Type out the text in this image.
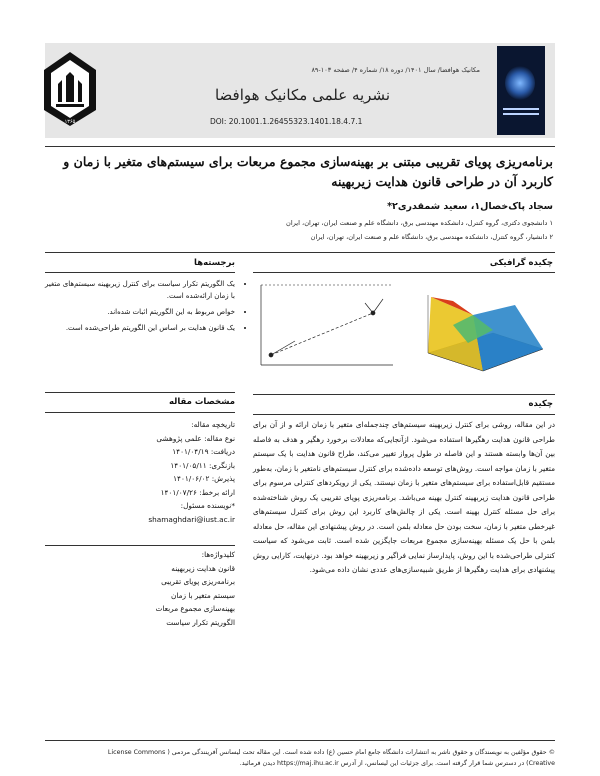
۱۳۶۵
مکانیک هوافضا/ سال ۱۴۰۱/ دوره ۱۸/ شماره ۴/ صفحه ۱۰۳-۸۹
نشریه علمی مکانیک هوافضا
DOI: 20.1001.1.26455323.1401.18.4.7.1
برنامه‌ریزی پویای تقریبی مبتنی بر بهینه‌سازی مجموع مربعات برای سیستم‌های متغیر با زمان و کاربرد آن در طراحی قانون هدایت زیربهینه
سجاد پاک‌خصال۱، سعید شمقدری۲*
۱ دانشجوی دکتری، گروه کنترل، دانشکده مهندسی برق، دانشگاه علم و صنعت ایران، تهران، ایران
۲ دانشیار، گروه کنترل، دانشکده مهندسی برق، دانشگاه علم و صنعت ایران، تهران، ایران
برجسته‌ها
• یک الگوریتم تکرار سیاست برای کنترل زیربهینه سیستم‌های متغیر با زمان ارائه‌شده است.
• خواص مربوط به این الگوریتم اثبات شده‌اند.
• یک قانون هدایت بر اساس این الگوریتم طراحی‌شده است.
مشخصات مقاله
تاریخچه مقاله:
نوع مقاله: علمی پژوهشی
دریافت: ۱۴۰۱/۰۴/۱۹
بازنگری: ۱۴۰۱/۰۵/۱۱
پذیرش: ۱۴۰۱/۰۶/۰۲
ارائه برخط: ۱۴۰۱/۰۷/۲۶
*نویسنده مسئول:
shamaghdari@iust.ac.ir
کلیدواژه‌ها:
قانون هدایت زیربهینه
برنامه‌ریزی پویای تقریبی
سیستم متغیر با زمان
بهینه‌سازی مجموع مربعات
الگوریتم تکرار سیاست
چکیده گرافیکی
چکیده
در این مقاله، روشی برای کنترل زیربهینه سیستم‌های چندجمله‌ای متغیر با زمان ارائه و از آن برای طراحی قانون هدایت رهگیرها استفاده می‌شود. ازآنجایی‌که معادلات برخورد رهگیر و هدف به فاصله بین آن‌ها وابسته هستند و این فاصله در طول پرواز تغییر می‌کند، طراح قانون هدایت با یک سیستم متغیر با زمان مواجه است. روش‌های توسعه داده‌شده برای کنترل سیستم‌های نامتغیر با زمان، به‌طور مستقیم قابل‌استفاده برای سیستم‌های متغیر با زمان نیستند. یکی از رویکردهای کنترلی مرسوم برای طراحی قانون هدایت زیربهینه کنترل بهینه می‌باشد. برنامه‌ریزی پویای تقریبی یک روش شناخته‌شده برای حل مسئله کنترل بهینه است. یکی از چالش‌های کاربرد این روش برای کنترل سیستم‌های غیرخطی متغیر با زمان، سخت بودن حل معادله بلمن است. در روش پیشنهادی این مقاله، حل معادله بلمن با حل یک مسئله بهینه‌سازی مجموع مربعات جایگزین شده است. ثابت می‌شود که سیاست کنترلی طراحی‌شده با این روش، پایدارساز نمایی فراگیر و زیربهینه خواهد بود. درنهایت، کارایی روش پیشنهادی برای هدایت رهگیرها از طریق شبیه‌سازی‌های عددی نشان داده می‌شود.
© حقوق مؤلفین به نویسندگان و حقوق ناشر به انتشارات دانشگاه جامع امام حسین (ع) داده شده است. این مقاله تحت لیسانس آفرینندگی مردمی ( License Commons
Creative) در دسترس شما قرار گرفته است. برای جزئیات این لیسانس، از آدرس https://maj.ihu.ac.ir دیدن فرمائید.
